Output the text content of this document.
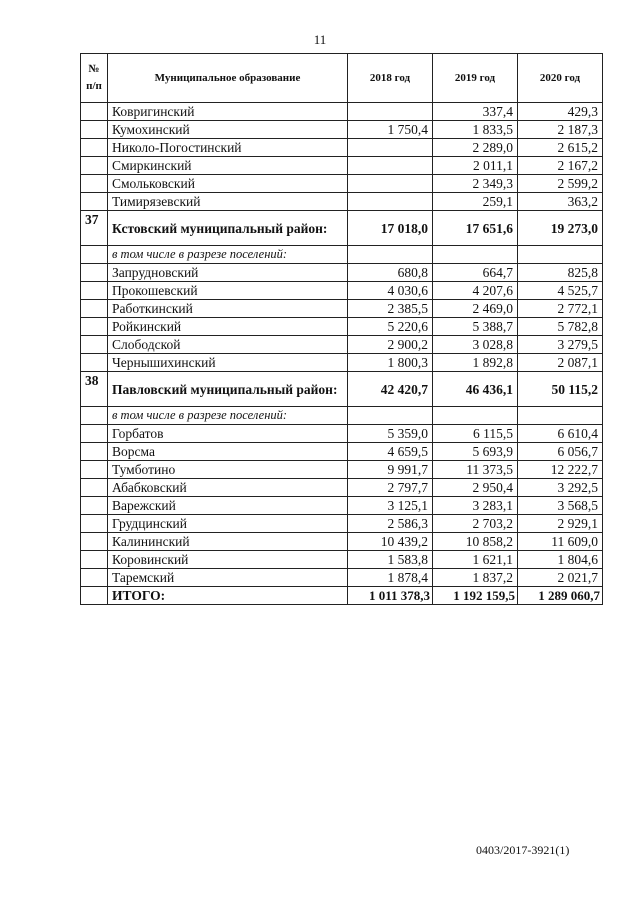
11
№ п/п	Муниципальное образование	2018 год	2019 год	2020 год
	Ковригинский		337,4	429,3
	Кумохинский	1 750,4	1 833,5	2 187,3
	Николо-Погостинский		2 289,0	2 615,2
	Смиркинский		2 011,1	2 167,2
	Смольковский		2 349,3	2 599,2
	Тимирязевский		259,1	363,2
37	Кстовский муниципальный район:	17 018,0	17 651,6	19 273,0
	в том числе в разрезе поселений:			
	Запрудновский	680,8	664,7	825,8
	Прокошевский	4 030,6	4 207,6	4 525,7
	Работкинский	2 385,5	2 469,0	2 772,1
	Ройкинский	5 220,6	5 388,7	5 782,8
	Слободской	2 900,2	3 028,8	3 279,5
	Чернышихинский	1 800,3	1 892,8	2 087,1
38	Павловский муниципальный район:	42 420,7	46 436,1	50 115,2
	в том числе в разрезе поселений:			
	Горбатов	5 359,0	6 115,5	6 610,4
	Ворсма	4 659,5	5 693,9	6 056,7
	Тумботино	9 991,7	11 373,5	12 222,7
	Абабковский	2 797,7	2 950,4	3 292,5
	Варежский	3 125,1	3 283,1	3 568,5
	Грудцинский	2 586,3	2 703,2	2 929,1
	Калининский	10 439,2	10 858,2	11 609,0
	Коровинский	1 583,8	1 621,1	1 804,6
	Таремский	1 878,4	1 837,2	2 021,7
	ИТОГО:	1 011 378,3	1 192 159,5	1 289 060,7
0403/2017-3921(1)
